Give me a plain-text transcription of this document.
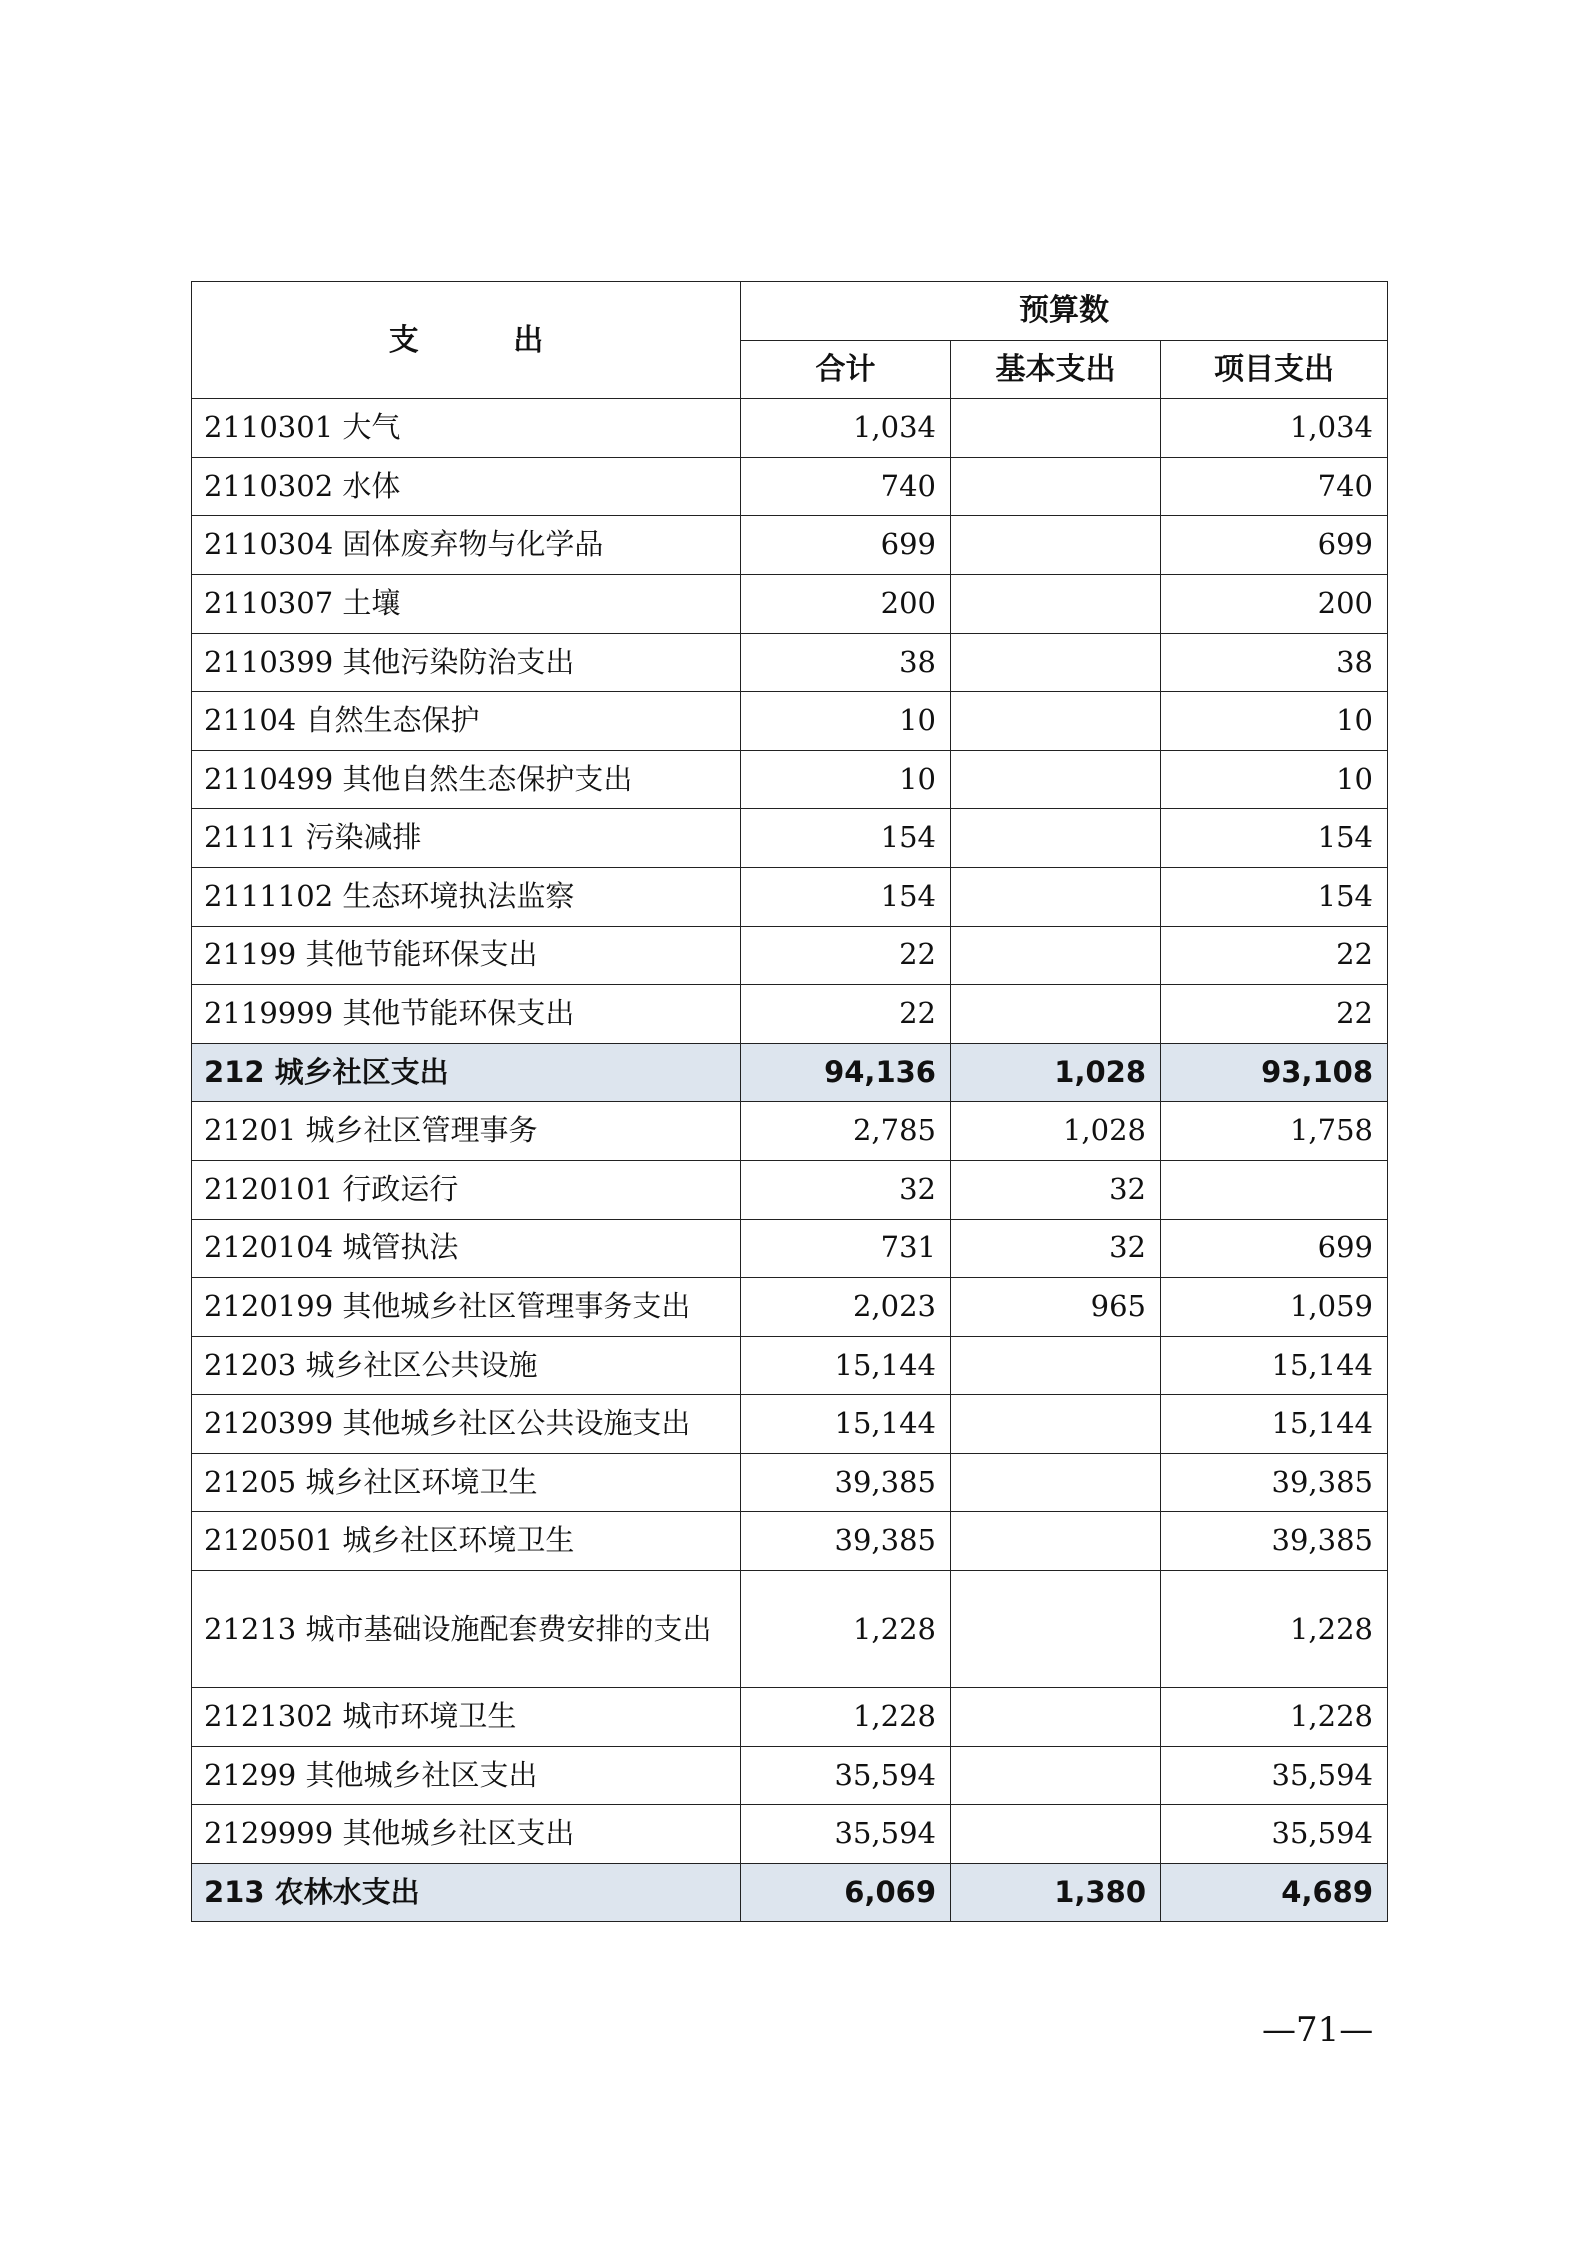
支 出	预算数		
	合计	基本支出	项目支出
2110301 大气	1,034		1,034
2110302 水体	740		740
2110304 固体废弃物与化学品	699		699
2110307 土壤	200		200
2110399 其他污染防治支出	38		38
21104 自然生态保护	10		10
2110499 其他自然生态保护支出	10		10
21111 污染减排	154		154
2111102 生态环境执法监察	154		154
21199 其他节能环保支出	22		22
2119999 其他节能环保支出	22		22
212 城乡社区支出	94,136	1,028	93,108
21201 城乡社区管理事务	2,785	1,028	1,758
2120101 行政运行	32	32	
2120104 城管执法	731	32	699
2120199 其他城乡社区管理事务支出	2,023	965	1,059
21203 城乡社区公共设施	15,144		15,144
2120399 其他城乡社区公共设施支出	15,144		15,144
21205 城乡社区环境卫生	39,385		39,385
2120501 城乡社区环境卫生	39,385		39,385
21213 城市基础设施配套费安排的支出	1,228		1,228
2121302 城市环境卫生	1,228		1,228
21299 其他城乡社区支出	35,594		35,594
2129999 其他城乡社区支出	35,594		35,594
213 农林水支出	6,069	1,380	4,689
—71—
